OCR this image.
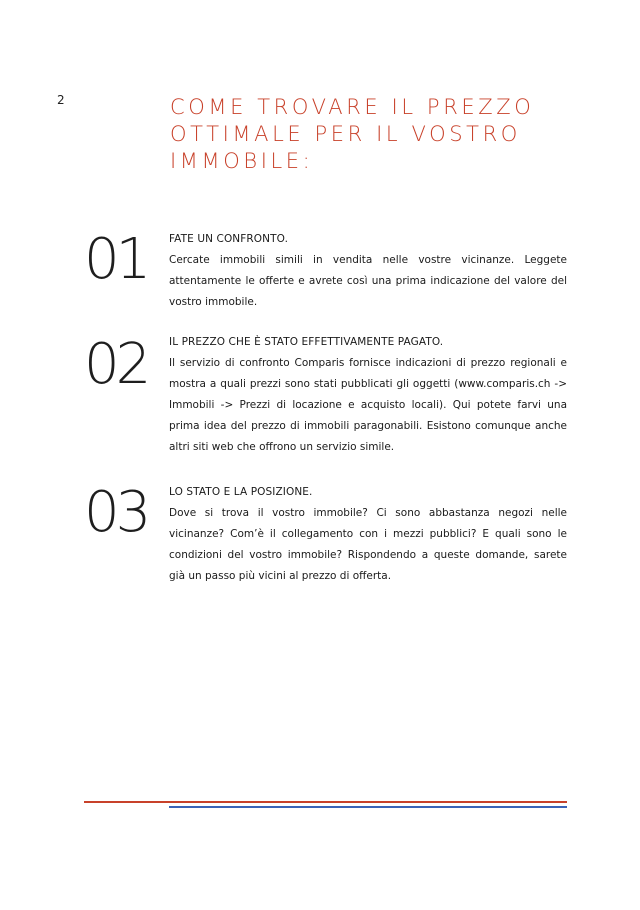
2	COME TROVARE IL PREZZO
OTTIMALE PER IL VOSTRO
IMMOBILE:
01 FATE UN CONFRONTO.

Cercate immobili simili in vendita nelle vostre vicinanze. Leggete attentamente le offerte e avrete così una prima indicazione del valore del vostro immobile.

02 IL PREZZO CHE È STATO EFFETTIVAMENTE PAGATO.

Il servizio di confronto Comparis fornisce indicazioni di prezzo regionali e mostra a quali prezzi sono stati pubblicati gli oggetti (www.comparis.ch -> Immobili -> Prezzi di locazione e acquisto locali). Qui potete farvi una prima idea del prezzo di immobili paragonabili. Esistono comunque anche altri siti web che offrono un servizio simile.

03 LO STATO E LA POSIZIONE.

Dove si trova il vostro immobile? Ci sono abbastanza negozi nelle vicinanze? Com’è il collegamento con i mezzi pubblici? E quali sono le condizioni del vostro immobile? Rispondendo a queste domande, sarete già un passo più vicini al prezzo di offerta.
